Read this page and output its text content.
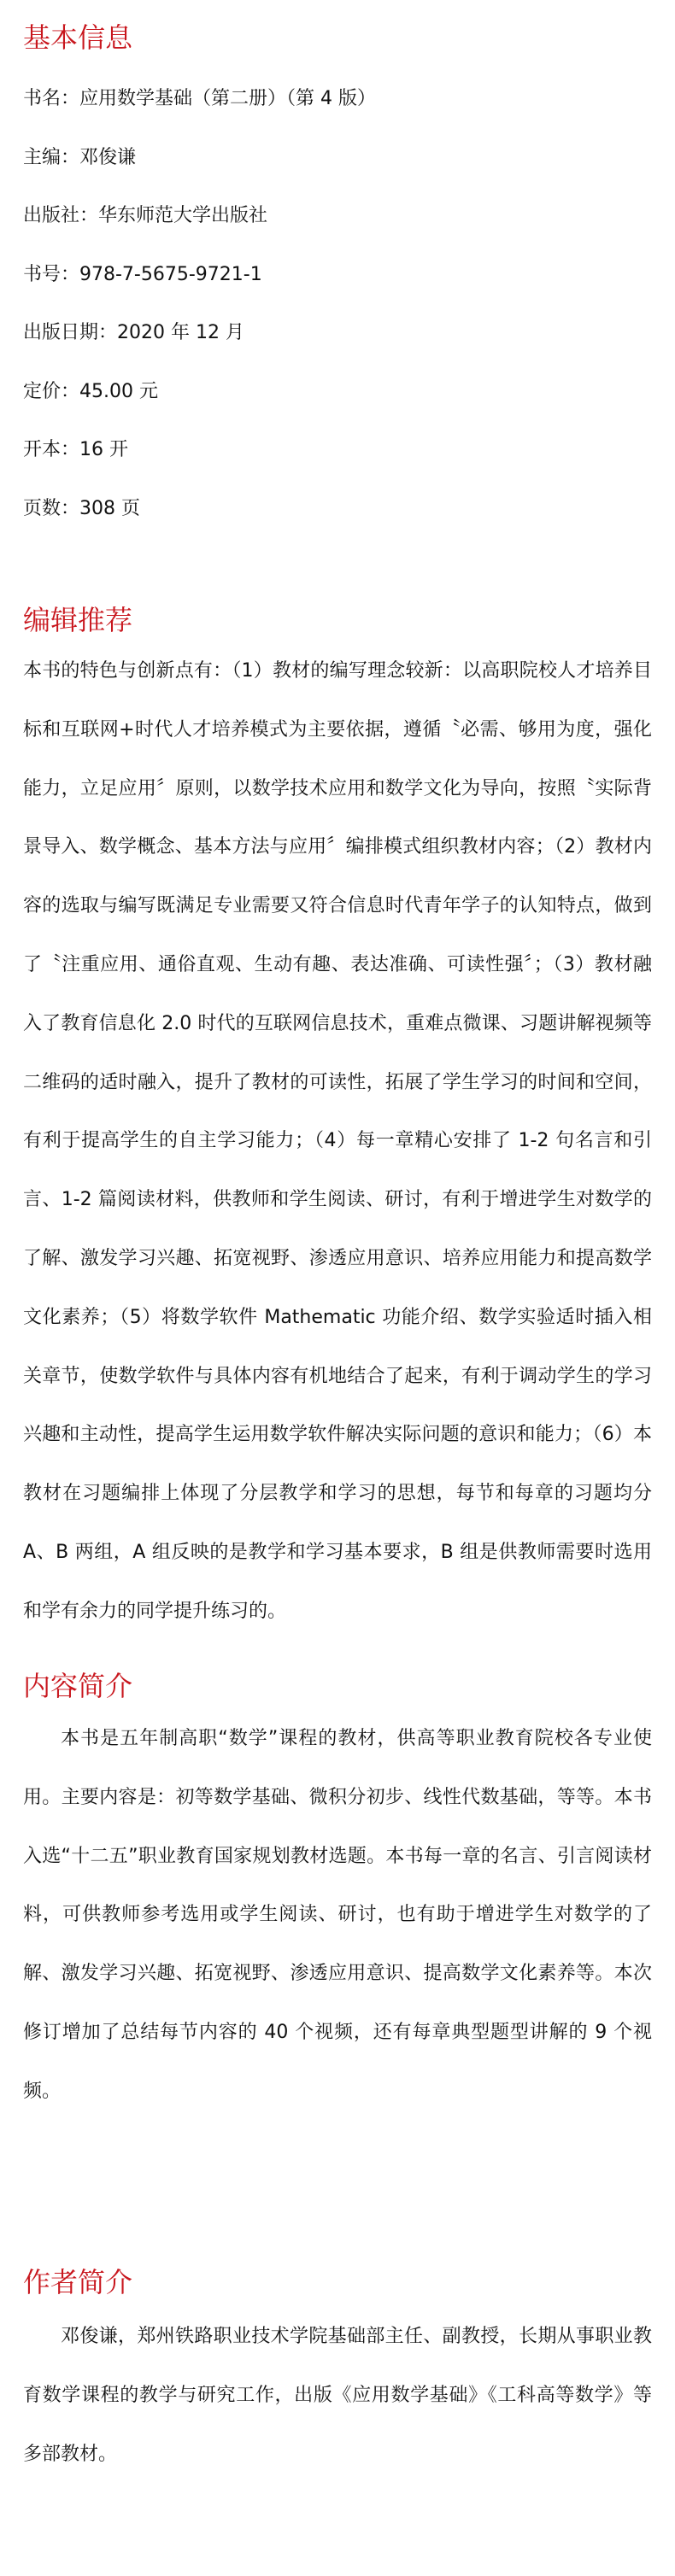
基本信息

书名：应用数学基础（第二册）（第 4 版）

主编：邓俊谦

出版社：华东师范大学出版社

书号：978-7-5675-9721-1

出版日期：2020 年 12 月

定价：45.00 元

开本：16 开

页数：308 页

编辑推荐

本书的特色与创新点有：（1）教材的编写理念较新：以高职院校人才培养目标和互联网+时代人才培养模式为主要依据，遵循〝必需、够用为度，强化能力，立足应用〞原则，以数学技术应用和数学文化为导向，按照〝实际背景导入、数学概念、基本方法与应用〞编排模式组织教材内容；（2）教材内容的选取与编写既满足专业需要又符合信息时代青年学子的认知特点，做到了〝注重应用、通俗直观、生动有趣、表达准确、可读性强〞；（3）教材融入了教育信息化 2.0 时代的互联网信息技术，重难点微课、习题讲解视频等二维码的适时融入，提升了教材的可读性，拓展了学生学习的时间和空间，有利于提高学生的自主学习能力；（4）每一章精心安排了 1-2 句名言和引言、1-2 篇阅读材料，供教师和学生阅读、研讨，有利于增进学生对数学的了解、激发学习兴趣、拓宽视野、渗透应用意识、培养应用能力和提高数学文化素养；（5）将数学软件 Mathematic 功能介绍、数学实验适时插入相关章节，使数学软件与具体内容有机地结合了起来，有利于调动学生的学习兴趣和主动性，提高学生运用数学软件解决实际问题的意识和能力；（6）本教材在习题编排上体现了分层教学和学习的思想，每节和每章的习题均分 A、B 两组，A 组反映的是教学和学习基本要求，B 组是供教师需要时选用和学有余力的同学提升练习的。

内容简介

本书是五年制高职“数学”课程的教材，供高等职业教育院校各专业使用。主要内容是：初等数学基础、微积分初步、线性代数基础，等等。本书入选“十二五”职业教育国家规划教材选题。本书每一章的名言、引言阅读材料，可供教师参考选用或学生阅读、研讨，也有助于增进学生对数学的了解、激发学习兴趣、拓宽视野、渗透应用意识、提高数学文化素养等。本次修订增加了总结每节内容的 40 个视频，还有每章典型题型讲解的 9 个视频。

作者简介

邓俊谦，郑州铁路职业技术学院基础部主任、副教授，长期从事职业教育数学课程的教学与研究工作，出版《应用数学基础》《工科高等数学》等多部教材。
